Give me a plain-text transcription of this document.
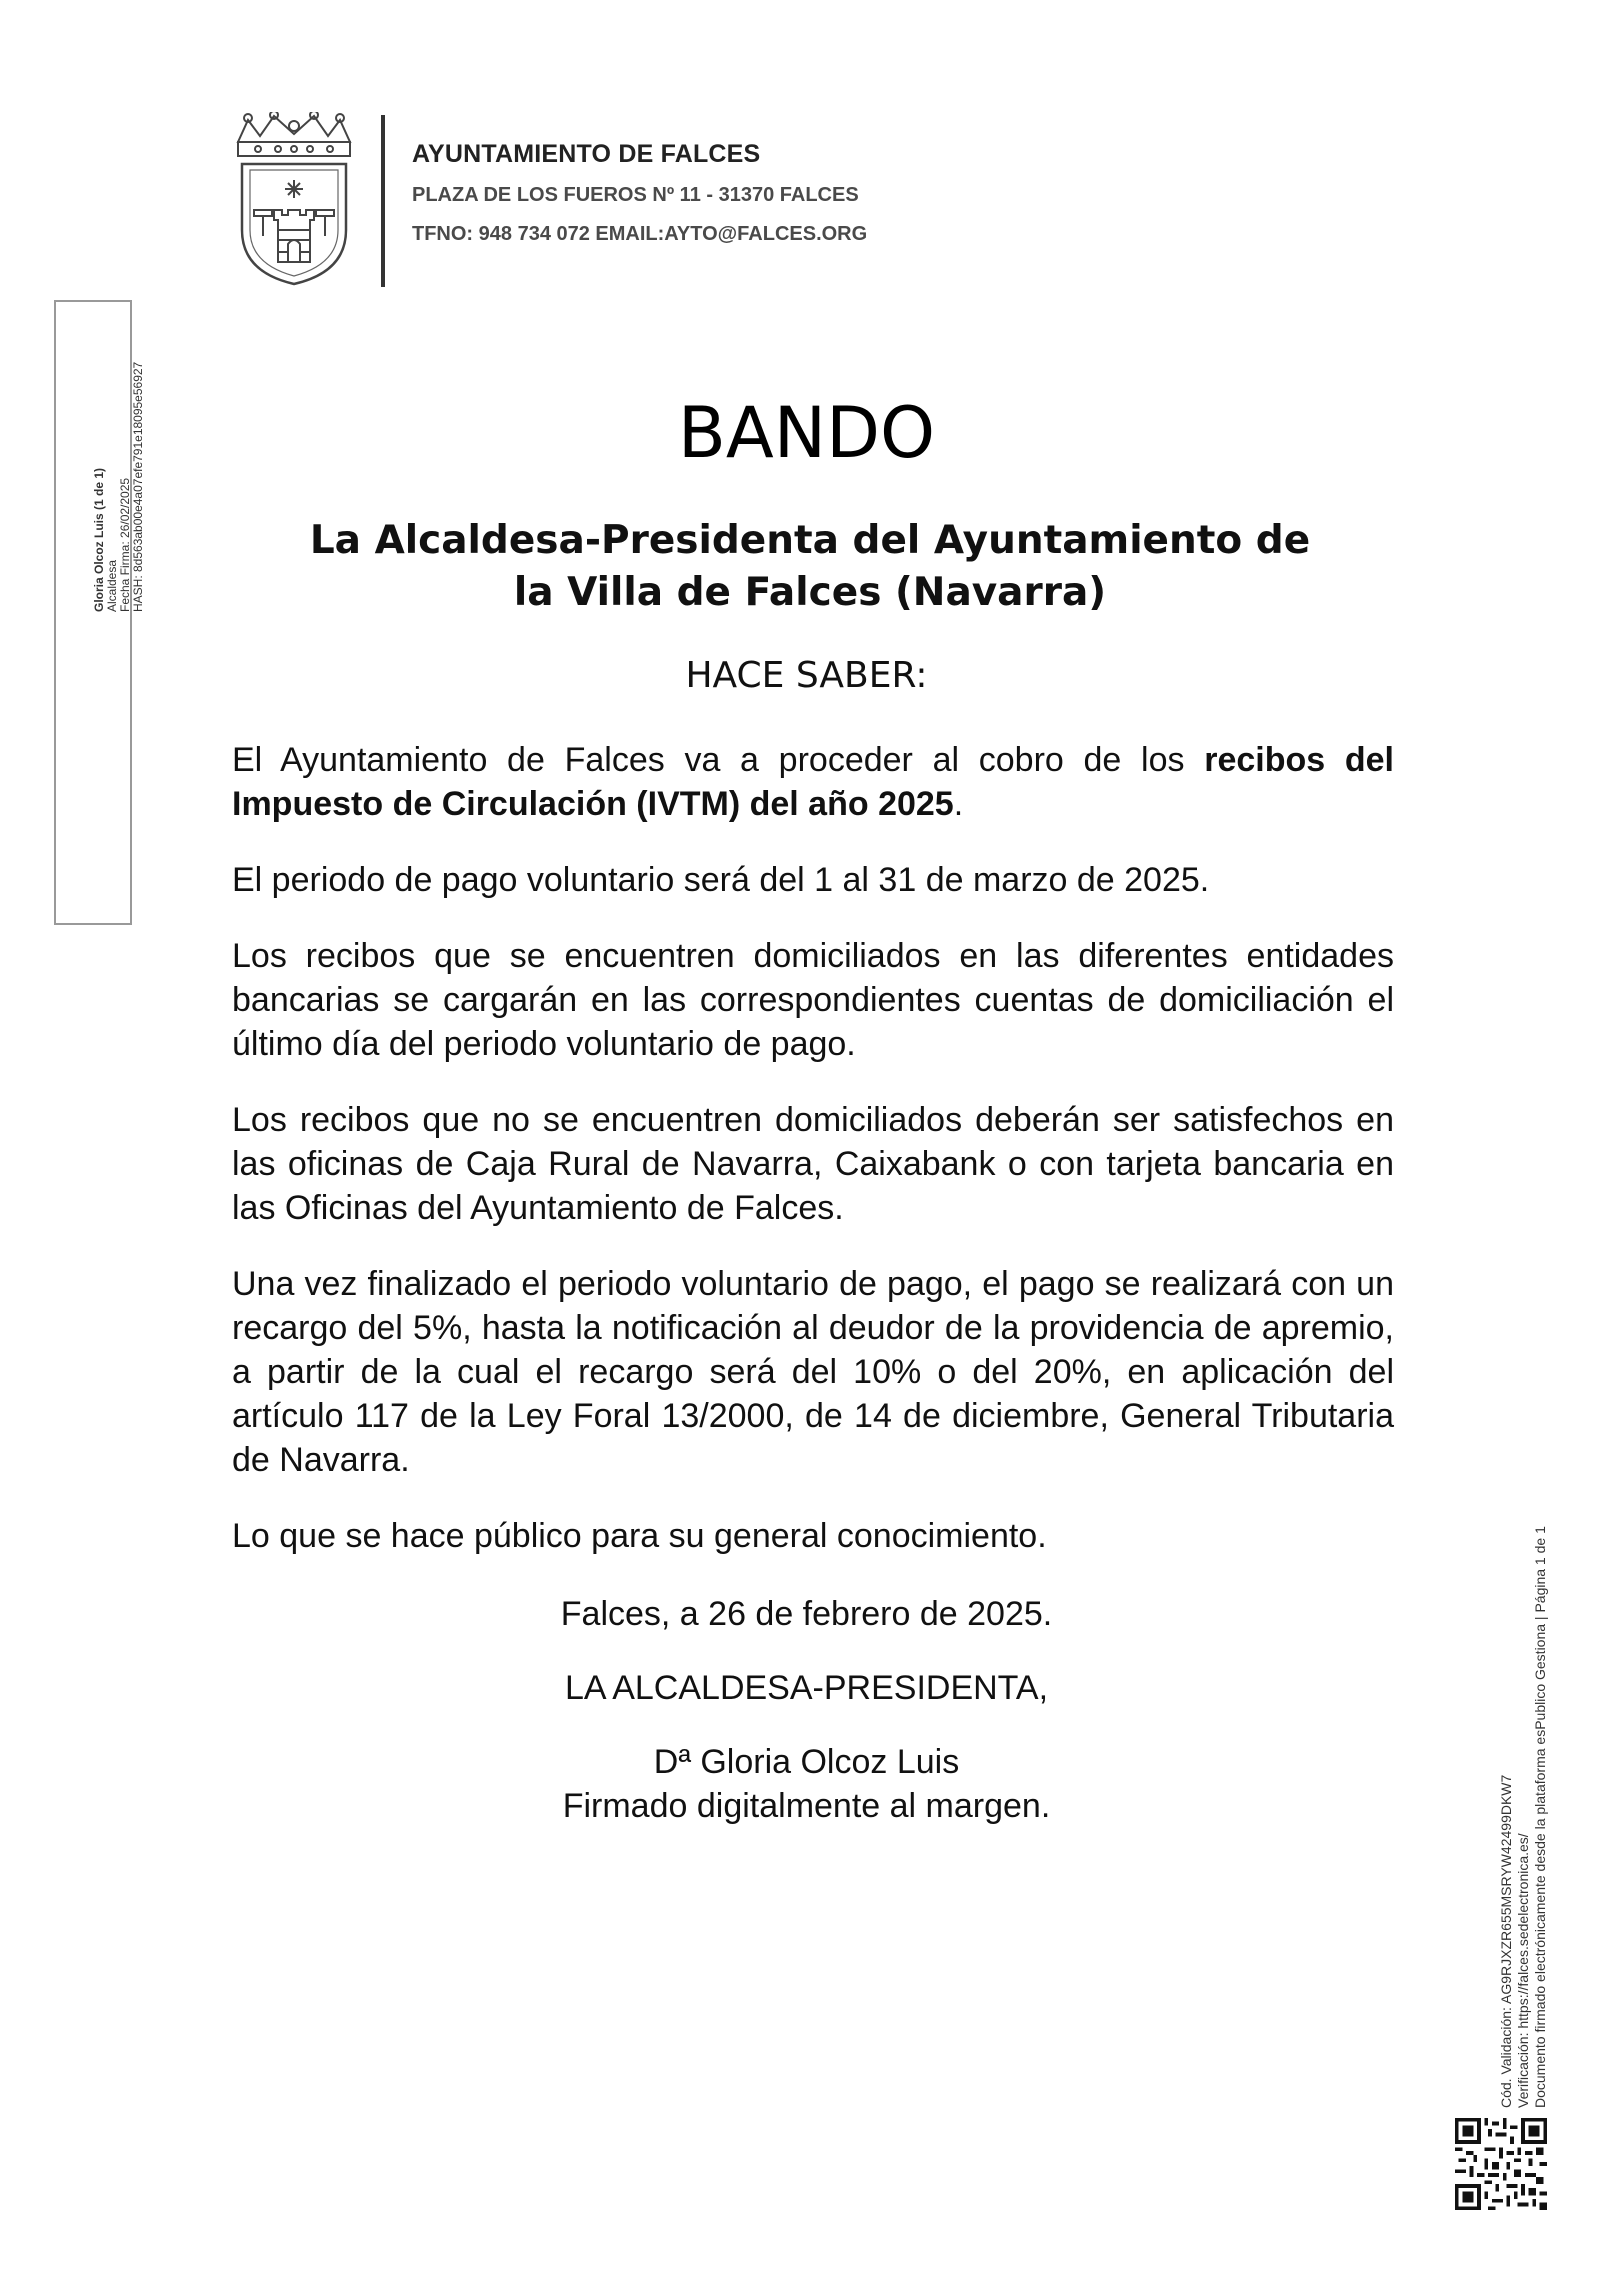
AYUNTAMIENTO DE FALCES
PLAZA DE LOS FUEROS Nº 11 - 31370 FALCES
TFNO: 948 734 072 EMAIL:AYTO@FALCES.ORG
Gloria Olcoz Luis (1 de 1) Alcaldesa Fecha Firma: 26/02/2025 HASH: 8d563ab00e4a07efe791e18095e56927	BANDO
La Alcaldesa-Presidenta del Ayuntamiento de
la Villa de Falces (Navarra)
HACE SABER:

El Ayuntamiento de Falces va a proceder al cobro de los recibos del Impuesto de Circulación (IVTM) del año 2025.

El periodo de pago voluntario será del 1 al 31 de marzo de 2025.

Los recibos que se encuentren domiciliados en las diferentes entidades bancarias se cargarán en las correspondientes cuentas de domiciliación el último día del periodo voluntario de pago.

Los recibos que no se encuentren domiciliados deberán ser satisfechos en las oficinas de Caja Rural de Navarra, Caixabank o con tarjeta bancaria en las Oficinas del Ayuntamiento de Falces.

Una vez finalizado el periodo voluntario de pago, el pago se realizará con un recargo del 5%, hasta la notificación al deudor de la providencia de apremio, a partir de la cual el recargo será del 10% o del 20%, en aplicación del artículo 117 de la Ley Foral 13/2000, de 14 de diciembre, General Tributaria de Navarra.

Lo que se hace público para su general conocimiento.

Falces, a 26 de febrero de 2025.
LA ALCALDESA-PRESIDENTA,
Dª Gloria Olcoz Luis
Firmado digitalmente al margen.	Cód. Validación: AG9RJXZR655MSRYW42499DKW7 Verificación: https://falces.sedelectronica.es/ Documento firmado electrónicamente desde la plataforma esPublico Gestiona | Página 1 de 1
